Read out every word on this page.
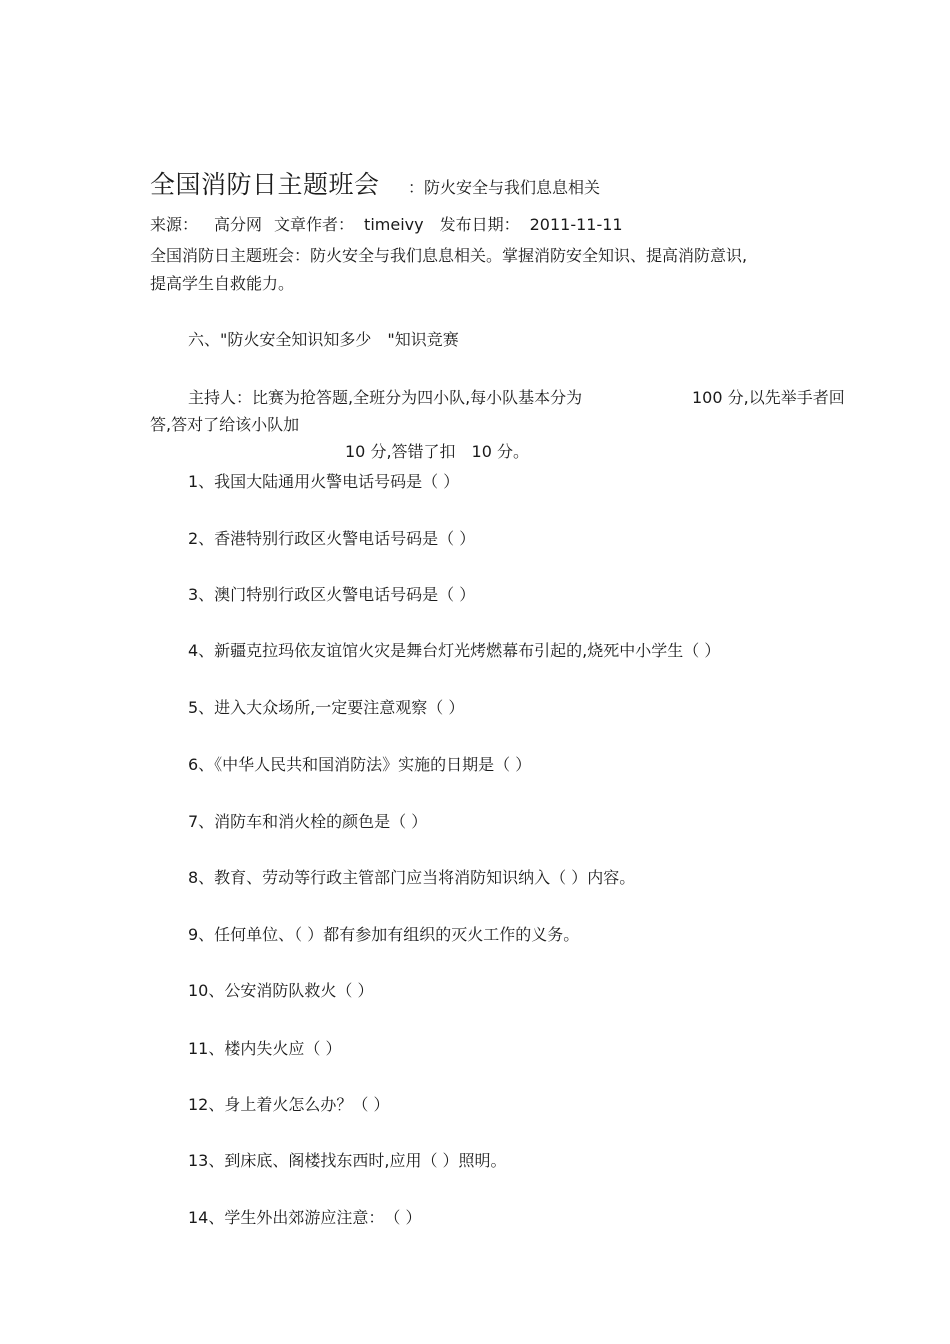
全国消防日主题班会 ：防火安全与我们息息相关
来源： 高分网 文章作者： timeivy 发布日期： 2011-11-11
全国消防日主题班会：防火安全与我们息息相关。掌握消防安全知识、提高消防意识,
提高学生自救能力。
六、"防火安全知识知多少　"知识竞赛
主持人：比赛为抢答题,全班分为四小队,每小队基本分为	100 分,以先举手者回
答,答对了给该小队加
10 分,答错了扣　10 分。
1、我国大陆通用火警电话号码是（ ）
2、香港特别行政区火警电话号码是（ ）
3、澳门特别行政区火警电话号码是（ ）
4、新疆克拉玛依友谊馆火灾是舞台灯光烤燃幕布引起的,烧死中小学生（ ）
5、进入大众场所,一定要注意观察（ ）
6、《中华人民共和国消防法》实施的日期是（ ）
7、消防车和消火栓的颜色是（ ）
8、教育、劳动等行政主管部门应当将消防知识纳入（ ）内容。
9、任何单位、（ ）都有参加有组织的灭火工作的义务。
10、公安消防队救火（ ）
11、楼内失火应（ ）
12、身上着火怎么办？（ ）
13、到床底、阁楼找东西时,应用（ ）照明。
14、学生外出郊游应注意：　（ ）
